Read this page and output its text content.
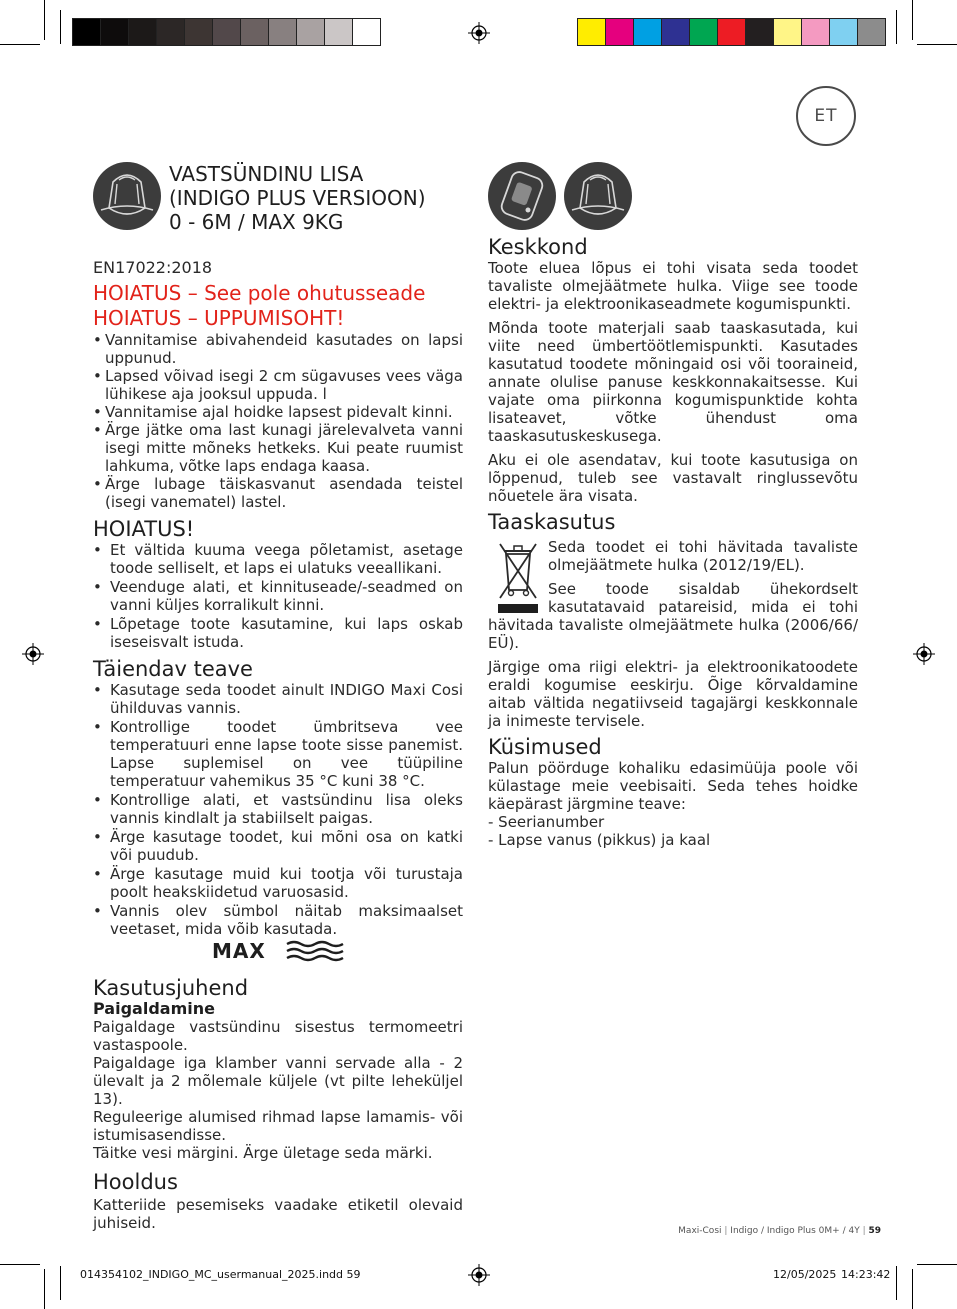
ET
VASTSÜNDINU LISA
(INDIGO PLUS VERSIOON)
0 - 6M / MAX 9KG
EN17022:2018

HOIATUS – See pole ohutusseade

HOIATUS – UPPUMISOHT!

• Vannitamise abivahendeid kasutades on lapsi uppunud.
• Lapsed võivad isegi 2 cm sügavuses vees väga lühikese aja jooksul uppuda. l
• Vannitamise ajal hoidke lapsest pidevalt kinni.
• Ärge jätke oma last kunagi järelevalveta vanni isegi mitte mõneks hetkeks. Kui peate ruumist lahkuma, võtke laps endaga kaasa.
• Ärge lubage täiskasvanut asendada teistel (isegi vanematel) lastel.

HOIATUS!

• Et vältida kuuma veega põletamist, asetage toode selliselt, et laps ei ulatuks veeallikani.
• Veenduge alati, et kinnituseade/-seadmed on vanni küljes korralikult kinni.
• Lõpetage toote kasutamine, kui laps oskab iseseisvalt istuda.

Täiendav teave

• Kasutage seda toodet ainult INDIGO Maxi Cosi ühilduvas vannis.
• Kontrollige toodet ümbritseva vee temperatuuri enne lapse toote sisse panemist. Lapse suplemisel on vee tüüpiline temperatuur vahemikus 35 °C kuni 38 °C.
• Kontrollige alati, et vastsündinu lisa oleks vannis kindlalt ja stabiilselt paigas.
• Ärge kasutage toodet, kui mõni osa on katki või puudub.
• Ärge kasutage muid kui tootja või turustaja poolt heakskiidetud varuosasid.
• Vannis olev sümbol näitab maksimaalset veetaset, mida võib kasutada.
MAX

Kasutusjuhend

Paigaldamine

Paigaldage vastsündinu sisestus termomeetri vastaspoole.

Paigaldage iga klamber vanni servade alla - 2 ülevalt ja 2 mõlemale küljele (vt pilte leheküljel 13).

Reguleerige alumised rihmad lapse lamamis- või istumisasendisse.

Täitke vesi märgini. Ärge ületage seda märki.

Hooldus

Katteriide pesemiseks vaadake etiketil olevaid juhiseid.

Keskkond

Toote eluea lõpus ei tohi visata seda toodet tavaliste olmejäätmete hulka. Viige see toode elektri- ja elektroonikaseadmete kogumispunkti.

Mõnda toote materjali saab taaskasutada, kui viite need ümbertöötlemispunkti. Kasutades kasutatud toodete mõningaid osi või tooraineid, annate olulise panuse keskkonnakaitsesse. Kui vajate oma piirkonna kogumispunktide kohta lisateavet, võtke ühendust oma taaskasutuskeskusega.

Aku ei ole asendatav, kui toote kasutusiga on lõppenud, tuleb see vastavalt ringlussevõtu nõuetele ära visata.

Taaskasutus

Seda toodet ei tohi hävitada tavaliste olmejäätmete hulka (2012/19/EL).

See toode sisaldab ühekordselt kasutatavaid patareisid, mida ei tohi hävitada tavaliste olmejäätmete hulka (2006/66/ EÜ).

Järgige oma riigi elektri- ja elektroonikatoodete eraldi kogumise eeskirju. Õige kõrvaldamine aitab vältida negatiivseid tagajärgi keskkonnale ja inimeste tervisele.

Küsimused

Palun pöörduge kohaliku edasimüüja poole või külastage meie veebisaiti. Seda tehes hoidke käepärast järgmine teave:

- Seerianumber

- Lapse vanus (pikkus) ja kaal

Maxi-Cosi | Indigo / Indigo Plus 0M+ / 4Y | 59
014354102_INDIGO_MC_usermanual_2025.indd 59	12/05/2025 14:23:42
